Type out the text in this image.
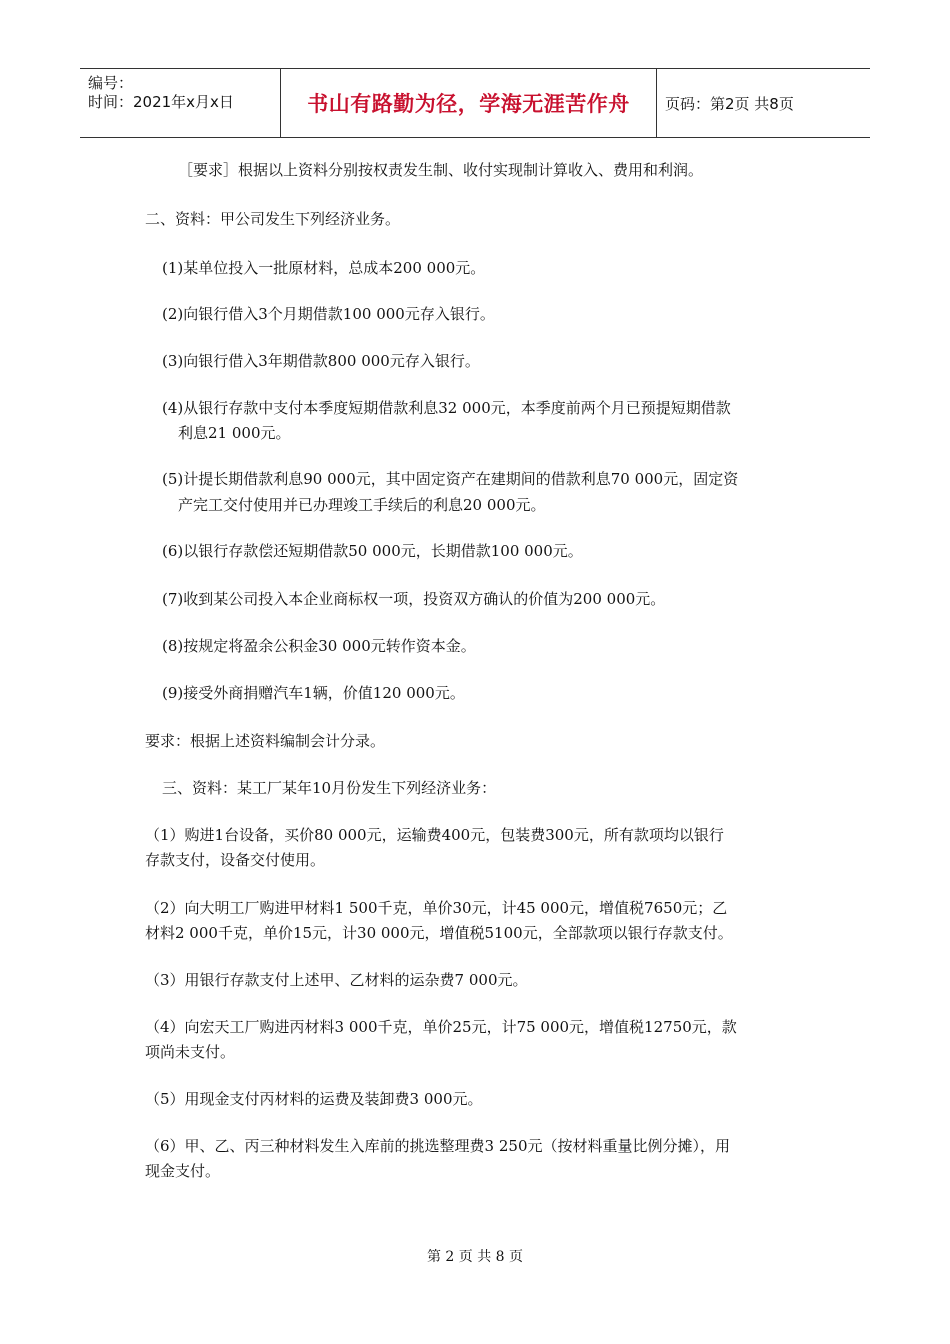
编号：
时间：2021年x月x日	书山有路勤为径，学海无涯苦作舟 页码：第2页 共8页
［要求］根据以上资料分别按权责发生制、收付实现制计算收入、费用和利润。
二、资料：甲公司发生下列经济业务。
(1)某单位投入一批原材料，总成本200 000元。
(2)向银行借入3个月期借款100 000元存入银行。
(3)向银行借入3年期借款800 000元存入银行。
(4)从银行存款中支付本季度短期借款利息32 000元，本季度前两个月已预提短期借款
利息21 000元。
(5)计提长期借款利息90 000元，其中固定资产在建期间的借款利息70 000元，固定资
产完工交付使用并已办理竣工手续后的利息20 000元。
(6)以银行存款偿还短期借款50 000元，长期借款100 000元。
(7)收到某公司投入本企业商标权一项，投资双方确认的价值为200 000元。
(8)按规定将盈余公积金30 000元转作资本金。
(9)接受外商捐赠汽车1辆，价值120 000元。
要求：根据上述资料编制会计分录。
三、资料：某工厂某年10月份发生下列经济业务：
（1）购进1台设备，买价80 000元，运输费400元，包装费300元，所有款项均以银行
存款支付，设备交付使用。
（2）向大明工厂购进甲材料1 500千克，单价30元，计45 000元，增值税7650元；乙
材料2 000千克，单价15元，计30 000元，增值税5100元，全部款项以银行存款支付。
（3）用银行存款支付上述甲、乙材料的运杂费7 000元。
（4）向宏天工厂购进丙材料3 000千克，单价25元，计75 000元，增值税12750元，款
项尚未支付。
（5）用现金支付丙材料的运费及装卸费3 000元。
（6）甲、乙、丙三种材料发生入库前的挑选整理费3 250元（按材料重量比例分摊），用
现金支付。
第 2 页 共 8 页
